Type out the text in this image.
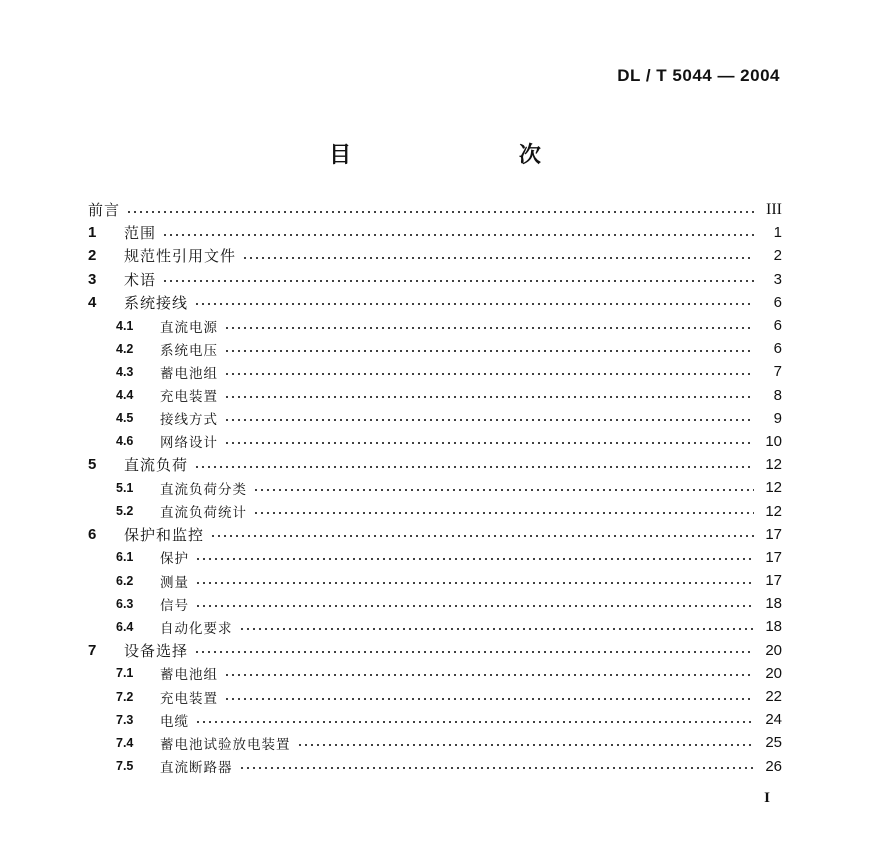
DL / T 5044 — 2004
目 次
前言	III
1	范围	1
2	规范性引用文件	2
3	术语	3
4	系统接线	6
4.1	直流电源	6
4.2	系统电压	6
4.3	蓄电池组	7
4.4	充电装置	8
4.5	接线方式	9
4.6	网络设计	10
5	直流负荷	12
5.1	直流负荷分类	12
5.2	直流负荷统计	12
6	保护和监控	17
6.1	保护	17
6.2	测量	17
6.3	信号	18
6.4	自动化要求	18
7	设备选择	20
7.1	蓄电池组	20
7.2	充电装置	22
7.3	电缆	24
7.4	蓄电池试验放电装置	25
7.5	直流断路器	26
I
